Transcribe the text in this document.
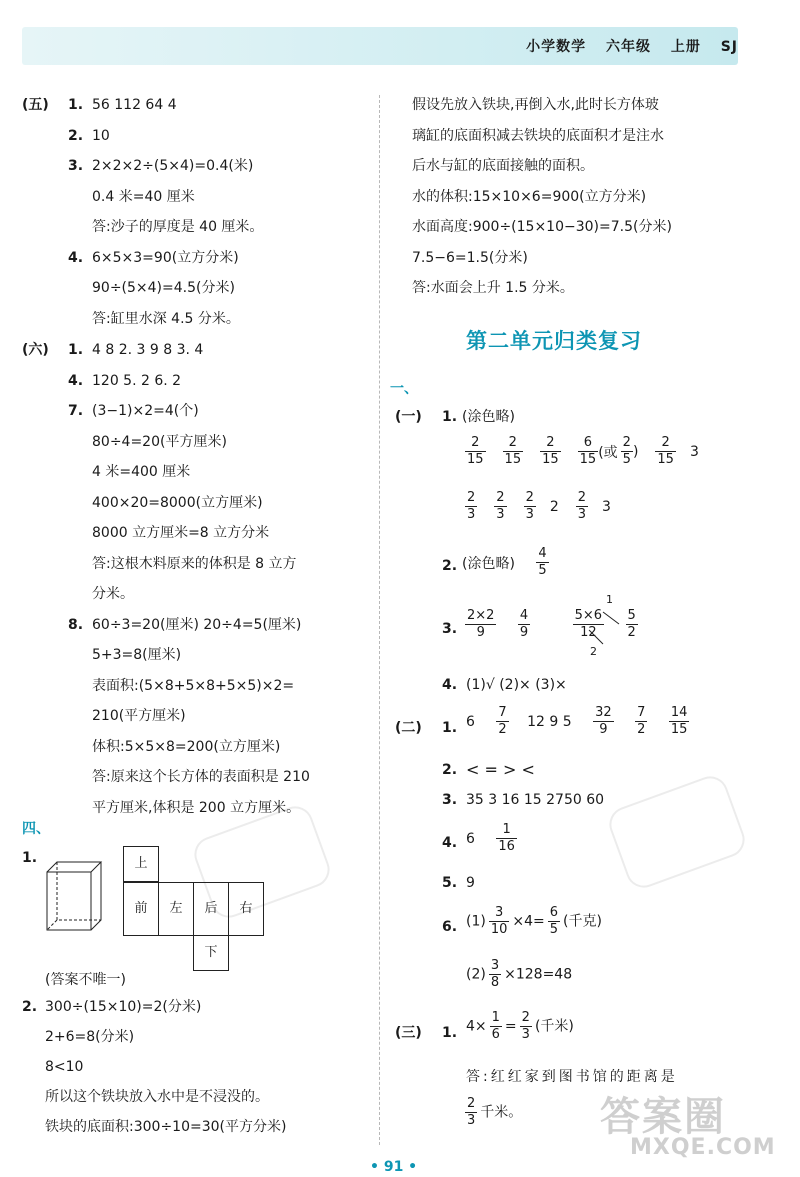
小学数学 六年级 上册 SJ
(五) 1. 56 112 64 4
2. 10
3. 2×2×2÷(5×4)=0.4(米)
0.4 米=40 厘米
答:沙子的厚度是 40 厘米。
4. 6×5×3=90(立方分米)
90÷(5×4)=4.5(分米)
答:缸里水深 4.5 分米。
(六) 1. 4 8 2. 3 9 8 3. 4
4. 120 5. 2 6. 2
7. (3−1)×2=4(个)
80÷4=20(平方厘米)
4 米=400 厘米
400×20=8000(立方厘米)
8000 立方厘米=8 立方分米
答:这根木料原来的体积是 8 立方
分米。
8. 60÷3=20(厘米) 20÷4=5(厘米)
5+3=8(厘米)
表面积:(5×8+5×8+5×5)×2=
210(平方厘米)
体积:5×5×8=200(立方厘米)
答:原来这个长方体的表面积是 210
平方厘米,体积是 200 立方厘米。
四、
1.	上
前	左	后	右
下
(答案不唯一)
2. 300÷(15×10)=2(分米)
2+6=8(分米)
8<10
所以这个铁块放入水中是不浸没的。
铁块的底面积:300÷10=30(平方分米)
假设先放入铁块,再倒入水,此时长方体玻
璃缸的底面积减去铁块的底面积才是注水
后水与缸的底面接触的面积。
水的体积:15×10×6=900(立方分米)
水面高度:900÷(15×10−30)=7.5(分米)
7.5−6=1.5(分米)
答:水面会上升 1.5 分米。
第二单元归类复习
一、
(一) 1. (涂色略)
$\frac{2}{15} \frac{2}{15} \frac{2}{15} \frac{6}{15}$ (或 $\frac{2}{5}$ ) $\frac{2}{15} 3$
$\frac{2}{3} \frac{2}{3} \frac{2}{3} 2 \frac{2}{3} 3$
2. (涂色略) $\frac{4}{5}$
3. $\frac{2\times 2}{9}$
$\frac{4}{9}$
	$\frac{5\times 6}{12}$
$\frac{5}{2}$
1
2
4. (1)√ (2)× (3)×
(二) 1. $6 \frac{7}{2} 12$ 9 $5 \frac{32}{9}$
$\frac{7}{2}$
$\frac{14}{15}$
2. < = > <
3. 35 3 16 15 2750 60
4. $6 \frac{1}{16}$
5. 9
6. $(1) \frac{3}{10} \times 4= \frac{6}{5}$ (千克)
$(2) \frac{3}{8} \times 128=48$
(三) 1. $4\times \frac{1}{6} = \frac{2}{3}$ (千米)
答:红红家到图书馆的距离是
$\frac{2}{3}$ 千米。 答案圈
MXQE.COM
• 91 •
